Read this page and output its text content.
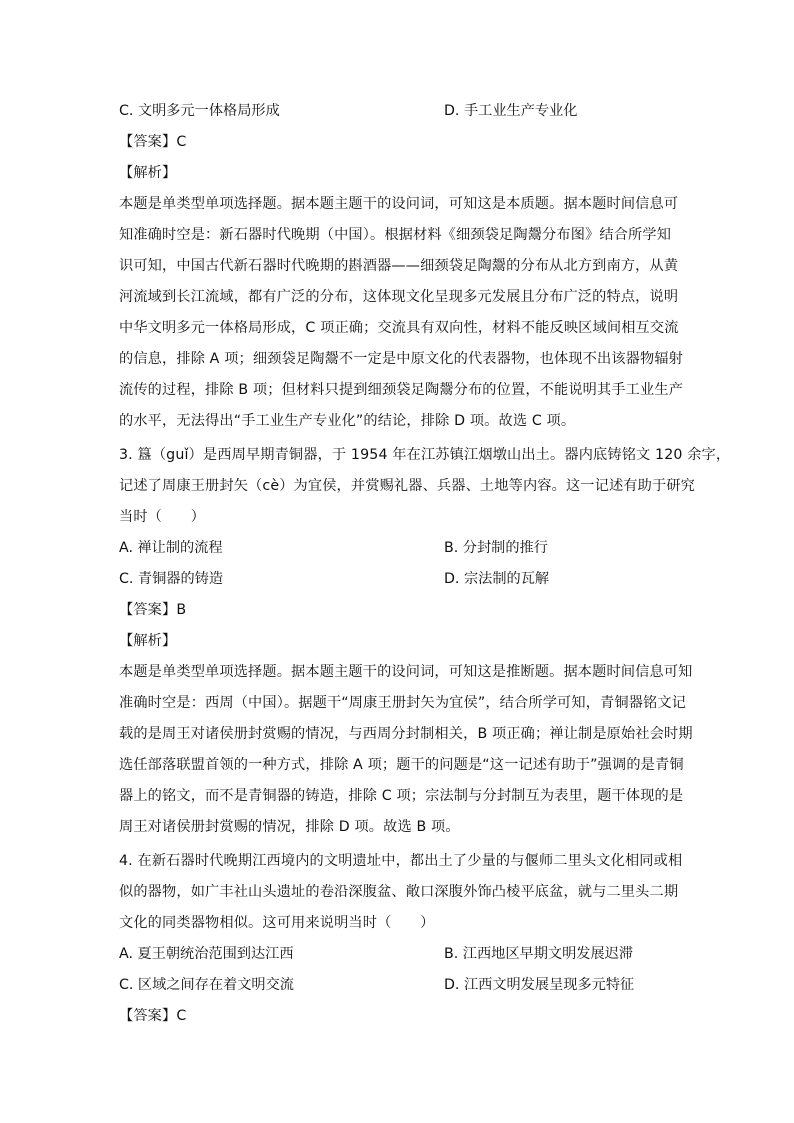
C. 文明多元一体格局形成	D. 手工业生产专业化
【答案】C
【解析】
本题是单类型单项选择题。据本题主题干的设问词，可知这是本质题。据本题时间信息可
知准确时空是：新石器时代晚期（中国）。根据材料《细颈袋足陶鬶分布图》结合所学知
识可知，中国古代新石器时代晚期的斟酒器——细颈袋足陶鬶的分布从北方到南方，从黄
河流域到长江流域，都有广泛的分布，这体现文化呈现多元发展且分布广泛的特点，说明
中华文明多元一体格局形成，C 项正确；交流具有双向性，材料不能反映区域间相互交流
的信息，排除 A 项；细颈袋足陶鬶不一定是中原文化的代表器物，也体现不出该器物辐射
流传的过程，排除 B 项；但材料只提到细颈袋足陶鬶分布的位置，不能说明其手工业生产
的水平，无法得出“手工业生产专业化”的结论，排除 D 项。故选 C 项。
3. 簋（guǐ）是西周早期青铜器，于 1954 年在江苏镇江烟墩山出土。器内底铸铭文 120 余字，
记述了周康王册封矢（cè）为宜侯，并赏赐礼器、兵器、土地等内容。这一记述有助于研究
当时（　　）
A. 禅让制的流程	B. 分封制的推行
C. 青铜器的铸造	D. 宗法制的瓦解
【答案】B
【解析】
本题是单类型单项选择题。据本题主题干的设问词，可知这是推断题。据本题时间信息可知
准确时空是：西周（中国）。据题干“周康王册封矢为宜侯”，结合所学可知，青铜器铭文记
载的是周王对诸侯册封赏赐的情况，与西周分封制相关，B 项正确；禅让制是原始社会时期
选任部落联盟首领的一种方式，排除 A 项；题干的问题是“这一记述有助于”强调的是青铜
器上的铭文，而不是青铜器的铸造，排除 C 项；宗法制与分封制互为表里，题干体现的是
周王对诸侯册封赏赐的情况，排除 D 项。故选 B 项。
4. 在新石器时代晚期江西境内的文明遗址中，都出土了少量的与偃师二里头文化相同或相
似的器物，如广丰社山头遗址的卷沿深腹盆、敞口深腹外饰凸棱平底盆，就与二里头二期
文化的同类器物相似。这可用来说明当时（　　）
A. 夏王朝统治范围到达江西	B. 江西地区早期文明发展迟滞
C. 区域之间存在着文明交流	D. 江西文明发展呈现多元特征
【答案】C
